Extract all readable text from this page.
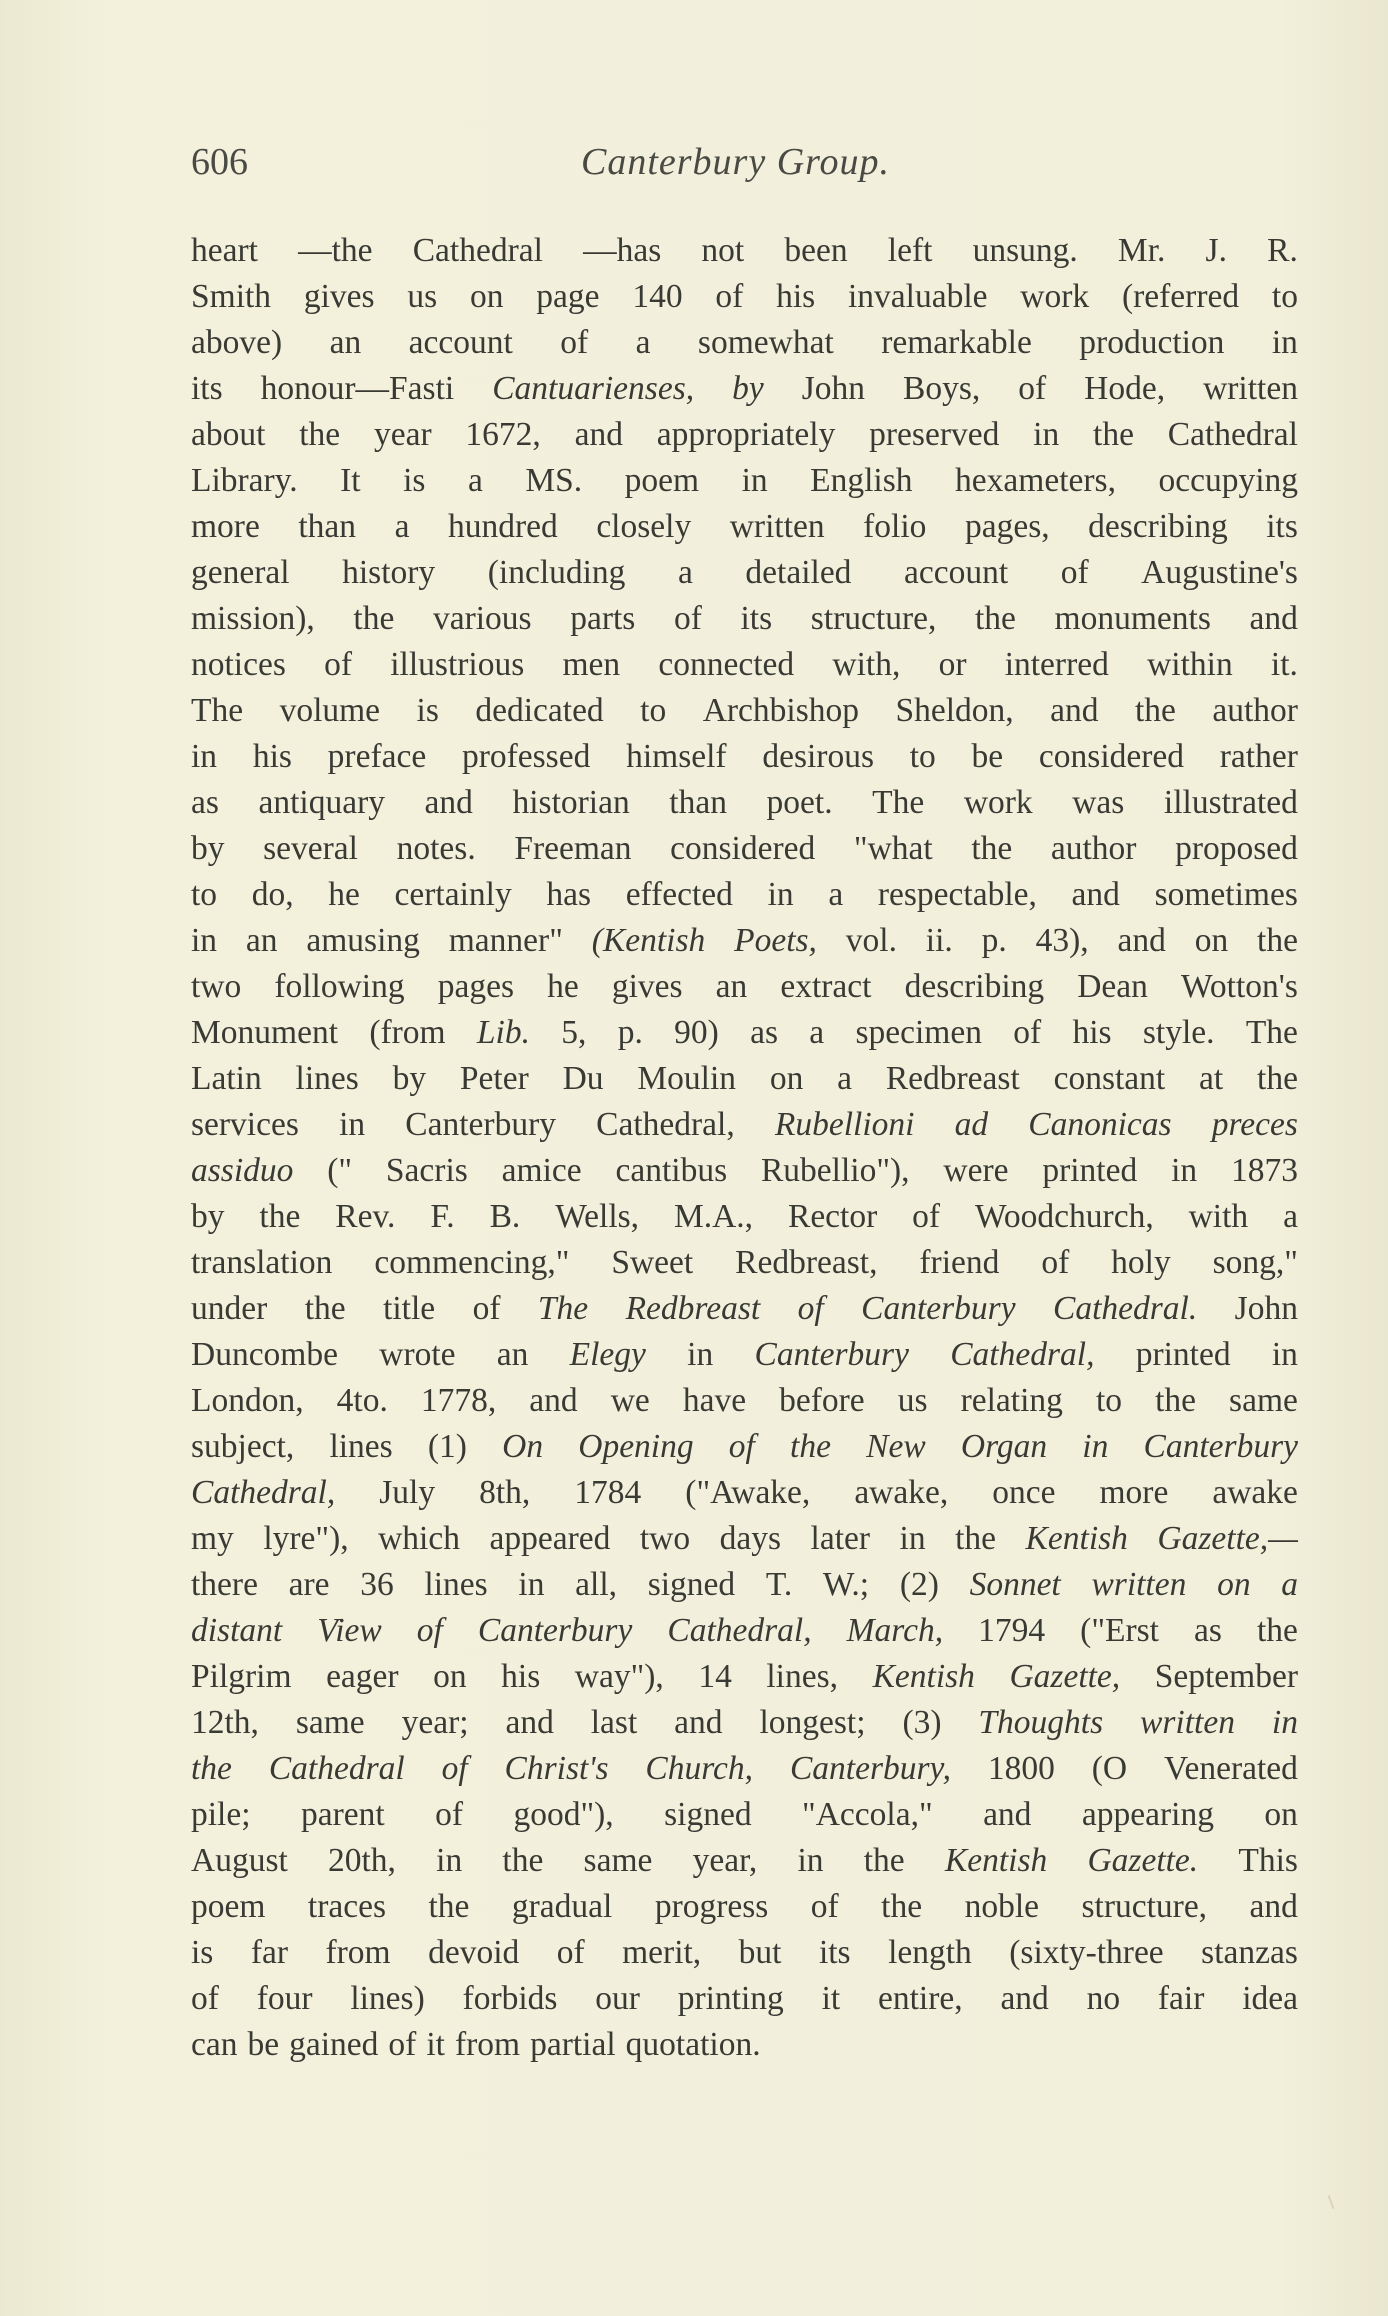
606	Canterbury Group.
heart —the Cathedral —has not been left unsung. Mr. J. R.
Smith gives us on page 140 of his invaluable work (referred to
above) an account of a somewhat remarkable production in
its honour—Fasti Cantuarienses, by John Boys, of Hode, written
about the year 1672, and appropriately preserved in the Cathedral
Library. It is a MS. poem in English hexameters, occupying
more than a hundred closely written folio pages, describing its
general history (including a detailed account of Augustine's
mission), the various parts of its structure, the monuments and
notices of illustrious men connected with, or interred within it.
The volume is dedicated to Archbishop Sheldon, and the author
in his preface professed himself desirous to be considered rather
as antiquary and historian than poet. The work was illustrated
by several notes. Freeman considered "what the author proposed
to do, he certainly has effected in a respectable, and sometimes
in an amusing manner" (Kentish Poets, vol. ii. p. 43), and on the
two following pages he gives an extract describing Dean Wotton's
Monument (from Lib. 5, p. 90) as a specimen of his style. The
Latin lines by Peter Du Moulin on a Redbreast constant at the
services in Canterbury Cathedral, Rubellioni ad Canonicas preces
assiduo (" Sacris amice cantibus Rubellio"), were printed in 1873
by the Rev. F. B. Wells, M.A., Rector of Woodchurch, with a
translation commencing," Sweet Redbreast, friend of holy song,"
under the title of The Redbreast of Canterbury Cathedral. John
Duncombe wrote an Elegy in Canterbury Cathedral, printed in
London, 4to. 1778, and we have before us relating to the same
subject, lines (1) On Opening of the New Organ in Canterbury
Cathedral, July 8th, 1784 ("Awake, awake, once more awake
my lyre"), which appeared two days later in the Kentish Gazette,—
there are 36 lines in all, signed T. W.; (2) Sonnet written on a
distant View of Canterbury Cathedral, March, 1794 ("Erst as the
Pilgrim eager on his way"), 14 lines, Kentish Gazette, September
12th, same year; and last and longest; (3) Thoughts written in
the Cathedral of Christ's Church, Canterbury, 1800 (O Venerated
pile; parent of good"), signed "Accola," and appearing on
August 20th, in the same year, in the Kentish Gazette. This
poem traces the gradual progress of the noble structure, and
is far from devoid of merit, but its length (sixty-three stanzas
of four lines) forbids our printing it entire, and no fair idea
can be gained of it from partial quotation.
